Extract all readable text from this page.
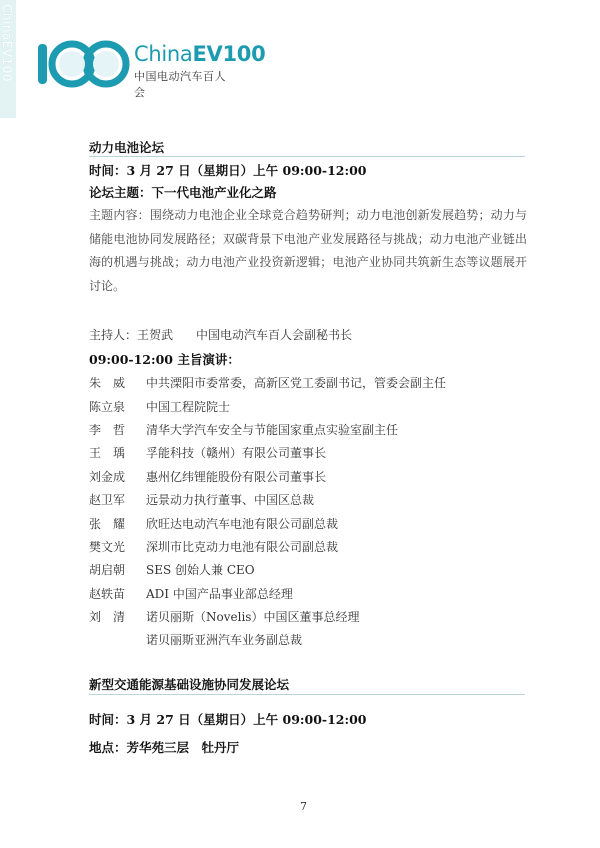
ChinaEV100	ChinaEV100
中国电动汽车百人会
动力电池论坛
时间：3 月 27 日（星期日）上午 09:00-12:00
论坛主题：下一代电池产业化之路
主题内容：围绕动力电池企业全球竞合趋势研判；动力电池创新发展趋势；动力与储能电池协同发展路径；双碳背景下电池产业发展路径与挑战；动力电池产业链出海的机遇与挑战；动力电池产业投资新逻辑；电池产业协同共筑新生态等议题展开讨论。
主持人：王贺武 中国电动汽车百人会副秘书长
09:00-12:00 主旨演讲：
朱　威 中共溧阳市委常委，高新区党工委副书记，管委会副主任
陈立泉 中国工程院院士
李　哲 清华大学汽车安全与节能国家重点实验室副主任
王　瑀 孚能科技（赣州）有限公司董事长
刘金成 惠州亿纬锂能股份有限公司董事长
赵卫军 远景动力执行董事、中国区总裁
张　耀 欣旺达电动汽车电池有限公司副总裁
樊文光 深圳市比克动力电池有限公司副总裁
胡启朝 SES 创始人兼 CEO
赵轶苗 ADI 中国产品事业部总经理
刘　清 诺贝丽斯（Novelis）中国区董事总经理
诺贝丽斯亚洲汽车业务副总裁
新型交通能源基础设施协同发展论坛
时间：3 月 27 日（星期日）上午 09:00-12:00
地点：芳华苑三层　牡丹厅
7
